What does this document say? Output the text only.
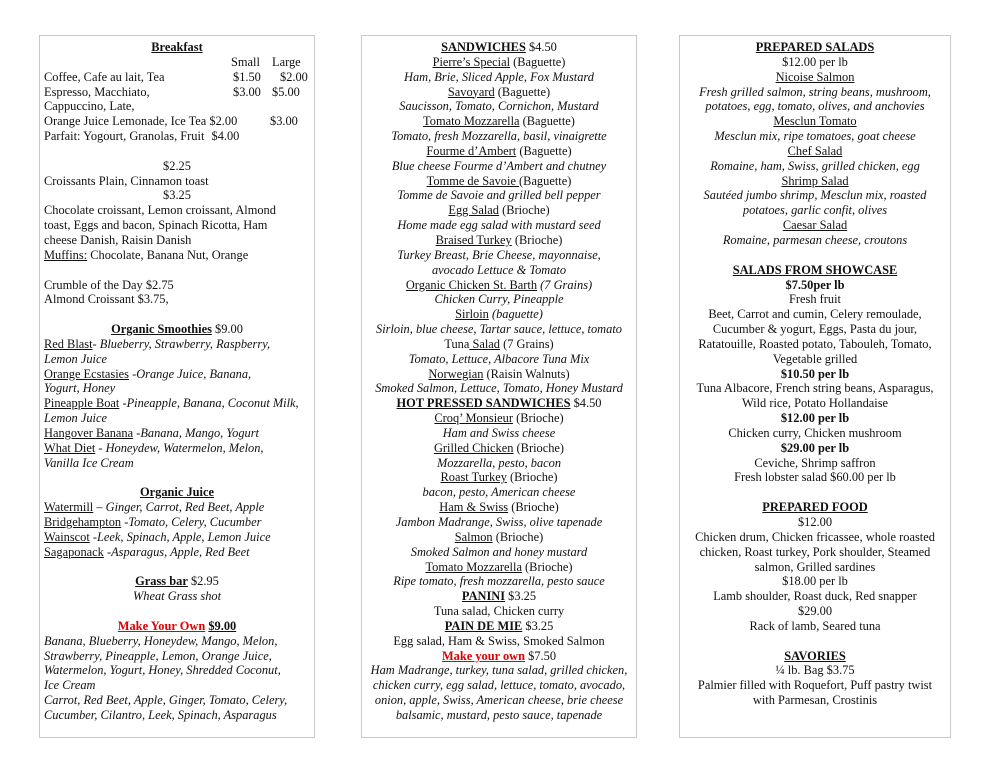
Breakfast
Small Large
Coffee, Cafe au lait, Tea	$1.50 $2.00
Espresso, Macchiato,	$3.00 $5.00
Cappuccino, Late,
Orange Juice Lemonade, Ice Tea $2.00	$3.00
Parfait: Yogourt, Granolas, Fruit $4.00
$2.25
Croissants Plain, Cinnamon toast
$3.25
Chocolate croissant, Lemon croissant, Almond
toast, Eggs and bacon, Spinach Ricotta, Ham
cheese Danish, Raisin Danish
Muffins: Chocolate, Banana Nut, Orange
Crumble of the Day $2.75
Almond Croissant $3.75,
Organic Smoothies $9.00
Red Blast- Blueberry, Strawberry, Raspberry,
Lemon Juice
Orange Ecstasies -Orange Juice, Banana,
Yogurt, Honey
Pineapple Boat -Pineapple, Banana, Coconut Milk,
Lemon Juice
Hangover Banana -Banana, Mango, Yogurt
What Diet - Honeydew, Watermelon, Melon,
Vanilla Ice Cream
Organic Juice
Watermill – Ginger, Carrot, Red Beet, Apple
Bridgehampton -Tomato, Celery, Cucumber
Wainscot -Leek, Spinach, Apple, Lemon Juice
Sagaponack -Asparagus, Apple, Red Beet
Grass bar $2.95
Wheat Grass shot
Make Your Own $9.00
Banana, Blueberry, Honeydew, Mango, Melon,
Strawberry, Pineapple, Lemon, Orange Juice,
Watermelon, Yogurt, Honey, Shredded Coconut,
Ice Cream
Carrot, Red Beet, Apple, Ginger, Tomato, Celery,
Cucumber, Cilantro, Leek, Spinach, Asparagus
SANDWICHES $4.50
Pierre’s Special (Baguette)
Ham, Brie, Sliced Apple, Fox Mustard
Savoyard (Baguette)
Saucisson, Tomato, Cornichon, Mustard
Tomato Mozzarella (Baguette)
Tomato, fresh Mozzarella, basil, vinaigrette
Fourme d’Ambert (Baguette)
Blue cheese Fourme d’Ambert and chutney
Tomme de Savoie (Baguette)
Tomme de Savoie and grilled bell pepper
Egg Salad (Brioche)
Home made egg salad with mustard seed
Braised Turkey (Brioche)
Turkey Breast, Brie Cheese, mayonnaise,
avocado Lettuce & Tomato
Organic Chicken St. Barth (7 Grains)
Chicken Curry, Pineapple
Sirloin (baguette)
Sirloin, blue cheese, Tartar sauce, lettuce, tomato
Tuna Salad (7 Grains)
Tomato, Lettuce, Albacore Tuna Mix
Norwegian (Raisin Walnuts)
Smoked Salmon, Lettuce, Tomato, Honey Mustard
HOT PRESSED SANDWICHES $4.50
Croq’ Monsieur (Brioche)
Ham and Swiss cheese
Grilled Chicken (Brioche)
Mozzarella, pesto, bacon
Roast Turkey (Brioche)
bacon, pesto, American cheese
Ham & Swiss (Brioche)
Jambon Madrange, Swiss, olive tapenade
Salmon (Brioche)
Smoked Salmon and honey mustard
Tomato Mozzarella (Brioche)
Ripe tomato, fresh mozzarella, pesto sauce
PANINI $3.25
Tuna salad, Chicken curry
PAIN DE MIE $3.25
Egg salad, Ham & Swiss, Smoked Salmon
Make your own $7.50
Ham Madrange, turkey, tuna salad, grilled chicken,
chicken curry, egg salad, lettuce, tomato, avocado,
onion, apple, Swiss, American cheese, brie cheese
balsamic, mustard, pesto sauce, tapenade
PREPARED SALADS
$12.00 per lb
Nicoise Salmon
Fresh grilled salmon, string beans, mushroom,
potatoes, egg, tomato, olives, and anchovies
Mesclun Tomato
Mesclun mix, ripe tomatoes, goat cheese
Chef Salad
Romaine, ham, Swiss, grilled chicken, egg
Shrimp Salad
Sautéed jumbo shrimp, Mesclun mix, roasted
potatoes, garlic confit, olives
Caesar Salad
Romaine, parmesan cheese, croutons
SALADS FROM SHOWCASE
$7.50per lb
Fresh fruit
Beet, Carrot and cumin, Celery remoulade,
Cucumber & yogurt, Eggs, Pasta du jour,
Ratatouille, Roasted potato, Tabouleh, Tomato,
Vegetable grilled
$10.50 per lb
Tuna Albacore, French string beans, Asparagus,
Wild rice, Potato Hollandaise
$12.00 per lb
Chicken curry, Chicken mushroom
$29.00 per lb
Ceviche, Shrimp saffron
Fresh lobster salad $60.00 per lb
PREPARED FOOD
$12.00
Chicken drum, Chicken fricassee, whole roasted
chicken, Roast turkey, Pork shoulder, Steamed
salmon, Grilled sardines
$18.00 per lb
Lamb shoulder, Roast duck, Red snapper
$29.00
Rack of lamb, Seared tuna
SAVORIES
¼ lb. Bag $3.75
Palmier filled with Roquefort, Puff pastry twist
with Parmesan, Crostinis
